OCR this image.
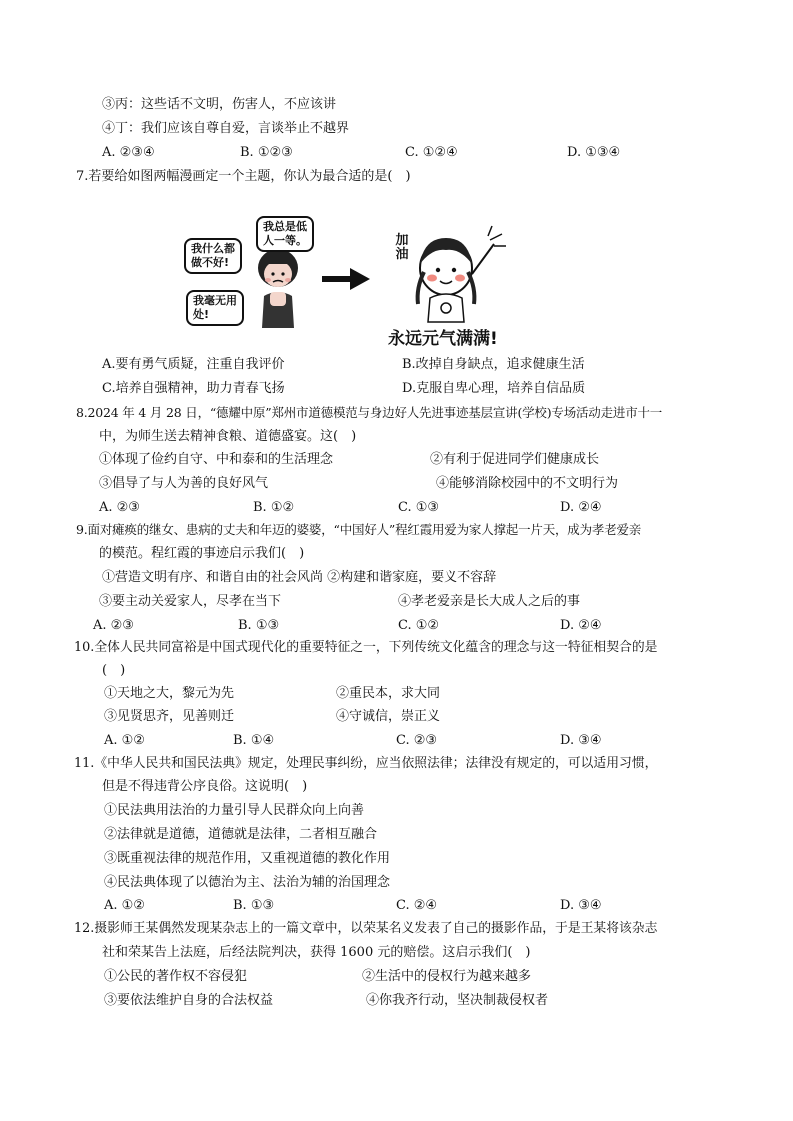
③丙：这些话不文明，伤害人，不应该讲
④丁：我们应该自尊自爱，言谈举止不越界
A. ②③④	B. ①②③	C. ①②④	D. ①③④
7.若要给如图两幅漫画定一个主题，你认为最合适的是(　)
我什么都
做不好!
我总是低
人一等。
我毫无用
处!
加
油
永远元气满满!
A.要有勇气质疑，注重自我评价	B.改掉自身缺点，追求健康生活
C.培养自强精神，助力青春飞扬	D.克服自卑心理，培养自信品质
8.2024 年 4 月 28 日，“德耀中原”郑州市道德模范与身边好人先进事迹基层宣讲(学校)专场活动走进市十一
中，为师生送去精神食粮、道德盛宴。这(　)
①体现了俭约自守、中和泰和的生活理念	②有利于促进同学们健康成长
③倡导了与人为善的良好风气	④能够消除校园中的不文明行为
A. ②③	B. ①②	C. ①③	D. ②④
9.面对瘫痪的继女、患病的丈夫和年迈的婆婆，“中国好人”程红霞用爱为家人撑起一片天，成为孝老爱亲
的模范。程红霞的事迹启示我们(　)
①营造文明有序、和谐自由的社会风尚 ②构建和谐家庭，要义不容辞
③要主动关爱家人，尽孝在当下	④孝老爱亲是长大成人之后的事
A. ②③	B. ①③	C. ①②	D. ②④
10.全体人民共同富裕是中国式现代化的重要特征之一，下列传统文化蕴含的理念与这一特征相契合的是
(　)
①天地之大，黎元为先	②重民本，求大同
③见贤思齐，见善则迁	④守诚信，崇正义
A. ①②	B. ①④	C. ②③	D. ③④
11.《中华人民共和国民法典》规定，处理民事纠纷，应当依照法律；法律没有规定的，可以适用习惯，
但是不得违背公序良俗。这说明(　)
①民法典用法治的力量引导人民群众向上向善
②法律就是道德，道德就是法律，二者相互融合
③既重视法律的规范作用，又重视道德的教化作用
④民法典体现了以德治为主、法治为辅的治国理念
A. ①②	B. ①③	C. ②④	D. ③④
12.摄影师王某偶然发现某杂志上的一篇文章中，以荣某名义发表了自己的摄影作品，于是王某将该杂志
社和荣某告上法庭，后经法院判决，获得 1600 元的赔偿。这启示我们(　)
①公民的著作权不容侵犯	②生活中的侵权行为越来越多
③要依法维护自身的合法权益	④你我齐行动，坚决制裁侵权者
